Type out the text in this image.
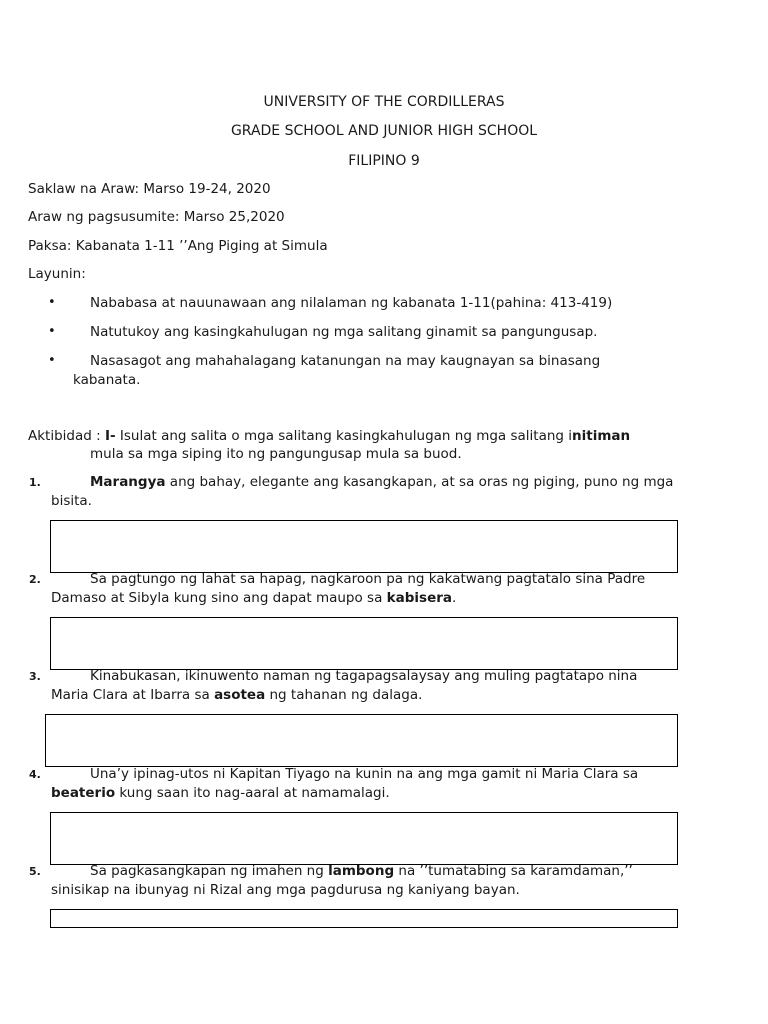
UNIVERSITY OF THE CORDILLERAS
GRADE SCHOOL AND JUNIOR HIGH SCHOOL
FILIPINO 9
Saklaw na Araw: Marso 19-24, 2020
Araw ng pagsusumite: Marso 25,2020
Paksa: Kabanata 1-11 ’’Ang Piging at Simula
Layunin:
•	Nababasa at nauunawaan ang nilalaman ng kabanata 1-11(pahina: 413-419)
•	Natutukoy ang kasingkahulugan ng mga salitang ginamit sa pangungusap.
•	Nasasagot ang mahahalagang katanungan na may kaugnayan sa binasang kabanata.
Aktibidad : I- Isulat ang salita o mga salitang kasingkahulugan ng mga salitang initiman
mula sa mga siping ito ng pangungusap mula sa buod.
1.	Marangya ang bahay, elegante ang kasangkapan, at sa oras ng piging, puno ng mga bisita.
2.	Sa pagtungo ng lahat sa hapag, nagkaroon pa ng kakatwang pagtatalo sina Padre Damaso at Sibyla kung sino ang dapat maupo sa kabisera.
3.	Kinabukasan, ikinuwento naman ng tagapagsalaysay ang muling pagtatapo nina Maria Clara at Ibarra sa asotea ng tahanan ng dalaga.
4.	Una’y ipinag-utos ni Kapitan Tiyago na kunin na ang mga gamit ni Maria Clara sa beaterio kung saan ito nag-aaral at namamalagi.
5.	Sa pagkasangkapan ng imahen ng lambong na ’’tumatabing sa karamdaman,’’ sinisikap na ibunyag ni Rizal ang mga pagdurusa ng kaniyang bayan.
